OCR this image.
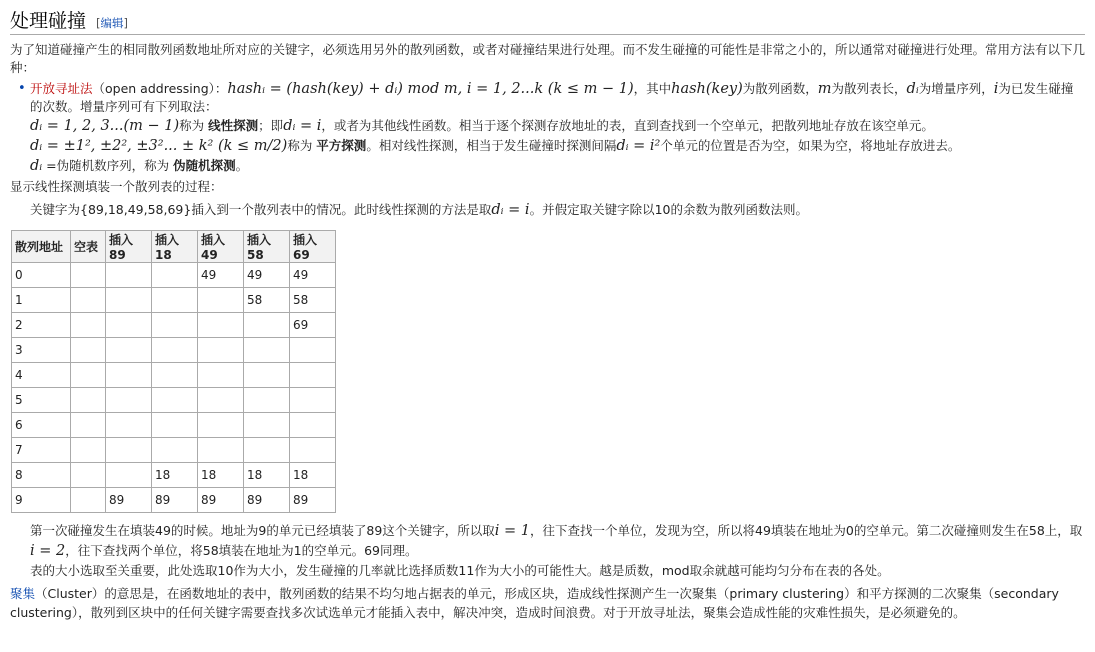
处理碰撞 [编辑]

为了知道碰撞产生的相同散列函数地址所对应的关键字，必须选用另外的散列函数，或者对碰撞结果进行处理。而不发生碰撞的可能性是非常之小的，所以通常对碰撞进行处理。常用方法有以下几种：

• 开放寻址法（open addressing）：hashᵢ = (hash(key) + dᵢ) mod m, i = 1, 2...k (k ≤ m − 1)，其中hash(key)为散列函数，m为散列表长，dᵢ为增量序列，i为已发生碰撞的次数。增量序列可有下列取法：

dᵢ = 1, 2, 3...(m − 1)称为 线性探测；即dᵢ = i，或者为其他线性函数。相当于逐个探测存放地址的表，直到查找到一个空单元，把散列地址存放在该空单元。

dᵢ = ±1², ±2², ±3²... ± k² (k ≤ m/2)称为 平方探测。相对线性探测，相当于发生碰撞时探测间隔dᵢ = i²个单元的位置是否为空，如果为空，将地址存放进去。

dᵢ =伪随机数序列，称为 伪随机探测。

显示线性探测填装一个散列表的过程：

关键字为{89,18,49,58,69}插入到一个散列表中的情况。此时线性探测的方法是取dᵢ = i。并假定取关键字除以10的余数为散列函数法则。

散列地址	空表	插入89	插入18	插入49	插入58	插入69
0				49	49	49
1					58	58
2						69
3						
4						
5						
6						
7						
8			18	18	18	18
9		89	89	89	89	89

第一次碰撞发生在填装49的时候。地址为9的单元已经填装了89这个关键字，所以取i = 1，往下查找一个单位，发现为空，所以将49填装在地址为0的空单元。第二次碰撞则发生在58上，取i = 2，往下查找两个单位，将58填装在地址为1的空单元。69同理。

表的大小选取至关重要，此处选取10作为大小，发生碰撞的几率就比选择质数11作为大小的可能性大。越是质数，mod取余就越可能均匀分布在表的各处。

聚集（Cluster）的意思是，在函数地址的表中，散列函数的结果不均匀地占据表的单元，形成区块，造成线性探测产生一次聚集（primary clustering）和平方探测的二次聚集（secondary clustering），散列到区块中的任何关键字需要查找多次试选单元才能插入表中，解决冲突，造成时间浪费。对于开放寻址法，聚集会造成性能的灾难性损失，是必须避免的。
